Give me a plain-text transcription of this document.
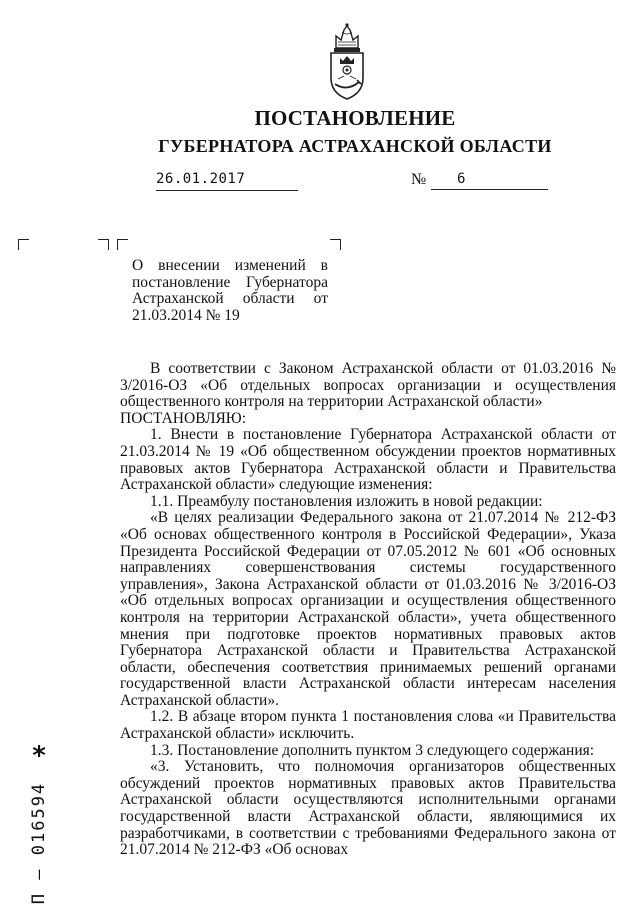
ПОСТАНОВЛЕНИЕ
ГУБЕРНАТОРА АСТРАХАНСКОЙ ОБЛАСТИ
26.01.2017	№	6
О внесении изменений в постановление Губернатора Астраханской области от 21.03.2014 № 19

В соответствии с Законом Астраханской области от 01.03.2016 № 3/2016-ОЗ «Об отдельных вопросах организации и осуществления общественного контроля на территории Астраханской области»

ПОСТАНОВЛЯЮ:

1. Внести в постановление Губернатора Астраханской области от 21.03.2014 № 19 «Об общественном обсуждении проектов нормативных правовых актов Губернатора Астраханской области и Правительства Астраханской области» следующие изменения:

1.1. Преамбулу постановления изложить в новой редакции:

«В целях реализации Федерального закона от 21.07.2014 № 212-ФЗ «Об основах общественного контроля в Российской Федерации», Указа Президента Российской Федерации от 07.05.2012 № 601 «Об основных направлениях совершенствования системы государственного управления», Закона Астраханской области от 01.03.2016 № 3/2016-ОЗ «Об отдельных вопросах организации и осуществления общественного контроля на территории Астраханской области», учета общественного мнения при подготовке проектов нормативных правовых актов Губернатора Астраханской области и Правительства Астраханской области, обеспечения соответствия принимаемых решений органами государственной власти Астраханской области интересам населения Астраханской области».

1.2. В абзаце втором пункта 1 постановления слова «и Правительства Астраханской области» исключить.

1.3. Постановление дополнить пунктом 3 следующего содержания:

«3. Установить, что полномочия организаторов общественных обсуждений проектов нормативных правовых актов Правительства Астраханской области осуществляются исполнительными органами государственной власти Астраханской области, являющимися их разработчиками, в соответствии с требованиями Федерального закона от 21.07.2014 № 212-ФЗ «Об основах

*
П – 016594
